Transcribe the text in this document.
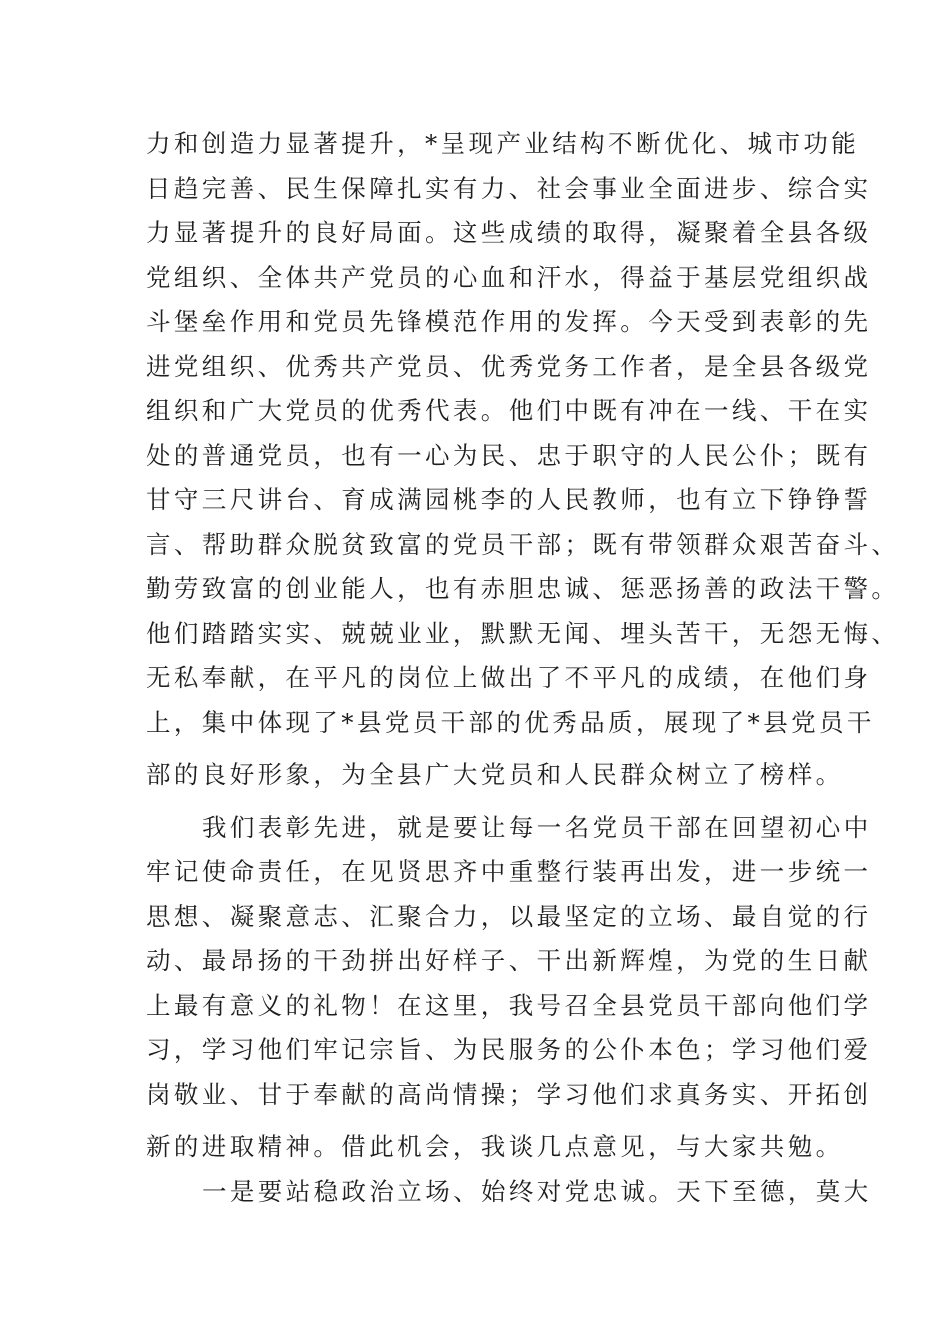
力和创造力显著提升，*呈现产业结构不断优化、城市功能
日趋完善、民生保障扎实有力、社会事业全面进步、综合实
力显著提升的良好局面。这些成绩的取得，凝聚着全县各级
党组织、全体共产党员的心血和汗水，得益于基层党组织战
斗堡垒作用和党员先锋模范作用的发挥。今天受到表彰的先
进党组织、优秀共产党员、优秀党务工作者，是全县各级党
组织和广大党员的优秀代表。他们中既有冲在一线、干在实
处的普通党员，也有一心为民、忠于职守的人民公仆；既有
甘守三尺讲台、育成满园桃李的人民教师，也有立下铮铮誓
言、帮助群众脱贫致富的党员干部；既有带领群众艰苦奋斗、
勤劳致富的创业能人，也有赤胆忠诚、惩恶扬善的政法干警。
他们踏踏实实、兢兢业业，默默无闻、埋头苦干，无怨无悔、
无私奉献，在平凡的岗位上做出了不平凡的成绩，在他们身
上，集中体现了*县党员干部的优秀品质，展现了*县党员干
部的良好形象，为全县广大党员和人民群众树立了榜样。
我们表彰先进，就是要让每一名党员干部在回望初心中
牢记使命责任，在见贤思齐中重整行装再出发，进一步统一
思想、凝聚意志、汇聚合力，以最坚定的立场、最自觉的行
动、最昂扬的干劲拼出好样子、干出新辉煌，为党的生日献
上最有意义的礼物！在这里，我号召全县党员干部向他们学
习，学习他们牢记宗旨、为民服务的公仆本色；学习他们爱
岗敬业、甘于奉献的高尚情操；学习他们求真务实、开拓创
新的进取精神。借此机会，我谈几点意见，与大家共勉。
一是要站稳政治立场、始终对党忠诚。天下至德，莫大
